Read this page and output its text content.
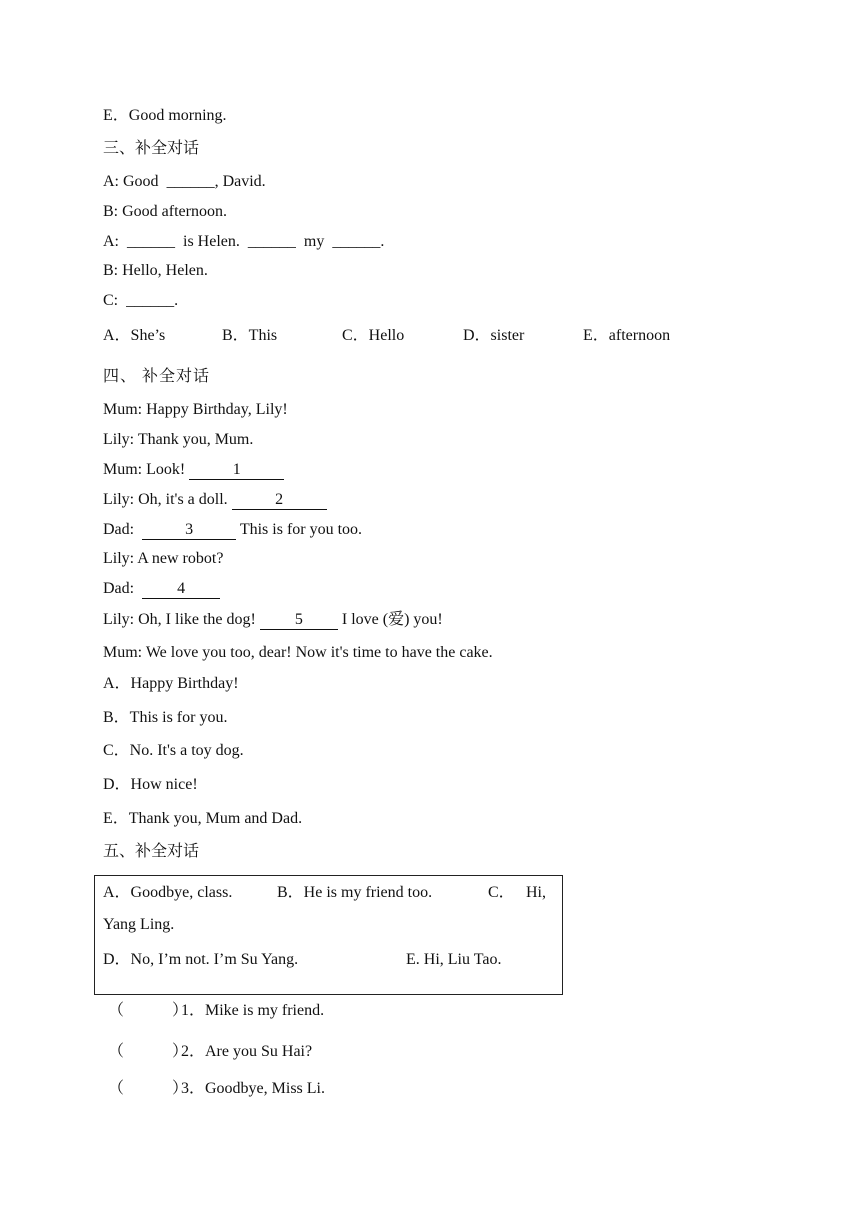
E．Good morning.
三、补全对话
A: Good  ______, David.
B: Good afternoon.
A:  ______ is Helen. ______ my ______.
B: Hello, Helen.
C:  ______.
A．She’s	B．This	C．Hello	D．sister	E．afternoon
四、 补全对话
Mum: Happy Birthday, Lily!
Lily: Thank you, Mum.
Mum: Look!	1
Lily: Oh, it's a doll.	2
Dad:	3	This is for you too.
Lily: A new robot?
Dad:  4
Lily: Oh, I like the dog! 5 I love (爱) you!
Mum: We love you too, dear! Now it's time to have the cake.
A．Happy Birthday!
B．This is for you.
C．No. It's a toy dog.
D．How nice!
E．Thank you, Mum and Dad.
五、补全对话
A．Goodbye, class.	B．He is my friend too.	C． Hi,
Yang Ling.
D．No, I’m not. I’m Su Yang.	E. Hi, Liu Tao.
（　　　）
1．Mike is my friend.
（　　　）
2．Are you Su Hai?
（　　　）
3．Goodbye, Miss Li.
